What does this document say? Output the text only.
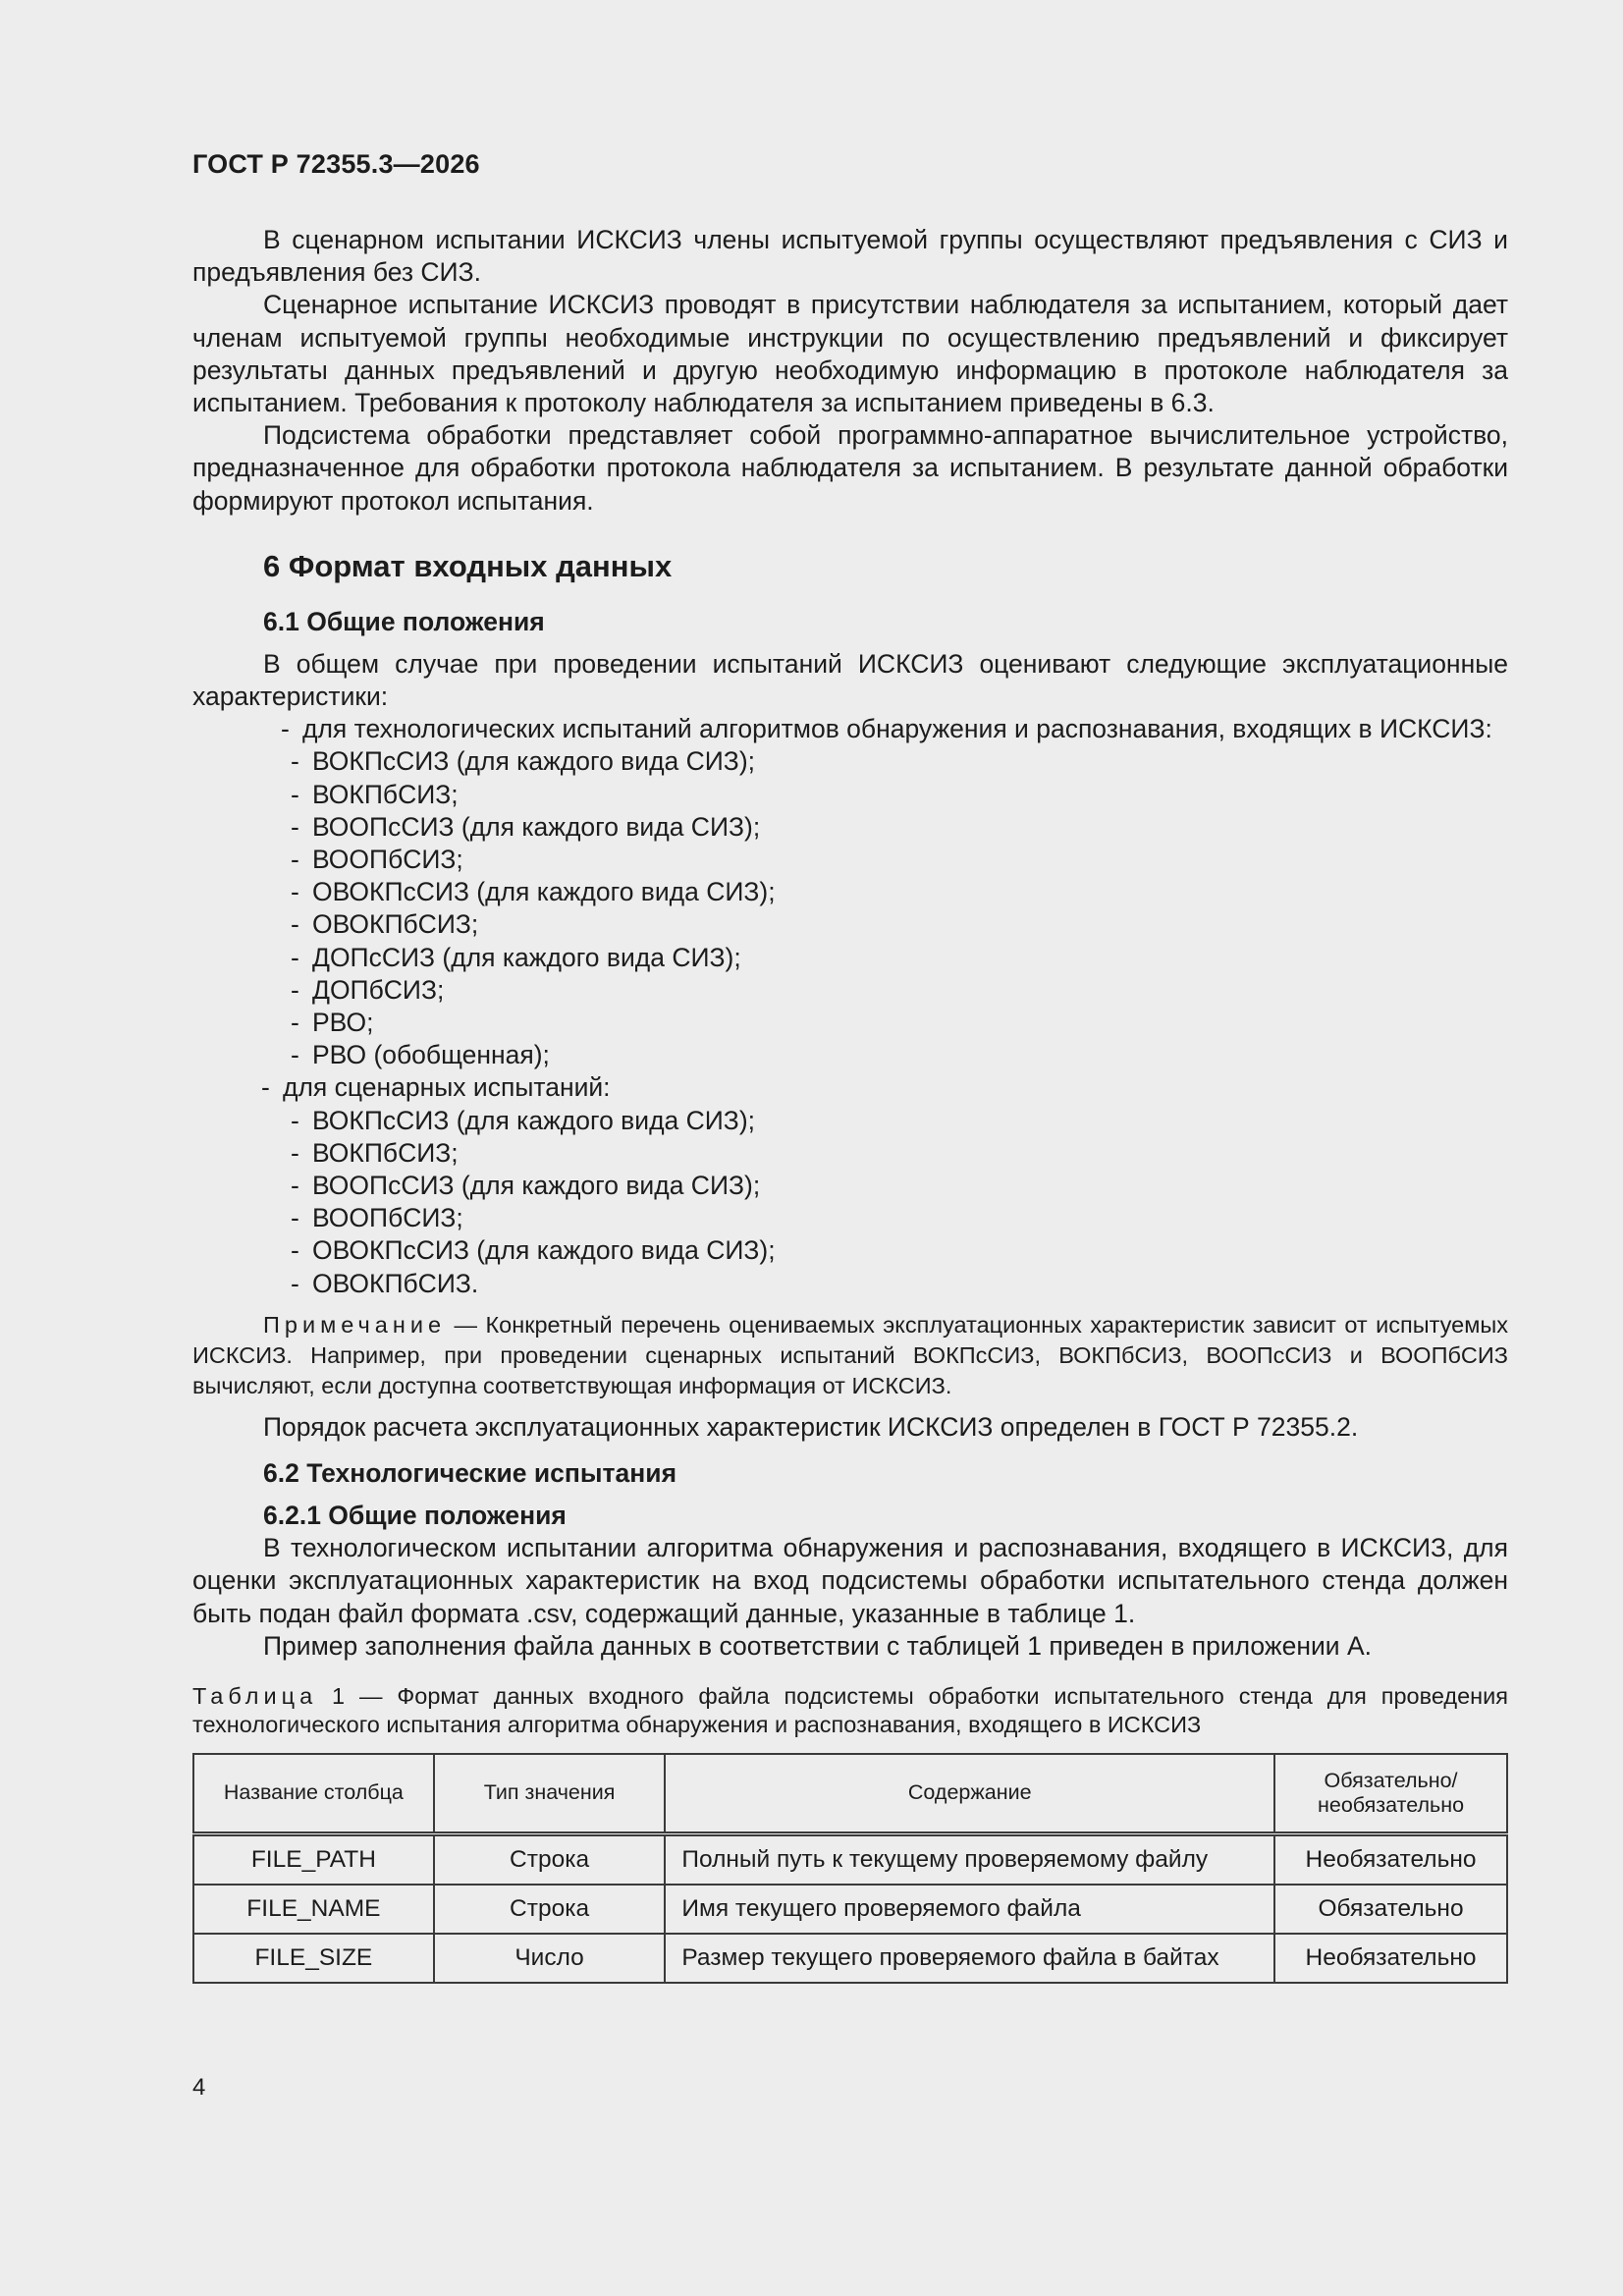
ГОСТ Р 72355.3—2026

В сценарном испытании ИСКСИЗ члены испытуемой группы осуществляют предъявления с СИЗ и предъявления без СИЗ.

Сценарное испытание ИСКСИЗ проводят в присутствии наблюдателя за испытанием, который дает членам испытуемой группы необходимые инструкции по осуществлению предъявлений и фиксирует результаты данных предъявлений и другую необходимую информацию в протоколе наблюдателя за испытанием. Требования к протоколу наблюдателя за испытанием приведены в 6.3.

Подсистема обработки представляет собой программно-аппаратное вычислительное устройство, предназначенное для обработки протокола наблюдателя за испытанием. В результате данной обработки формируют протокол испытания.

6 Формат входных данных
6.1 Общие положения

В общем случае при проведении испытаний ИСКСИЗ оценивают следующие эксплуатационные характеристики:

- для технологических испытаний алгоритмов обнаружения и распознавания, входящих в ИСКСИЗ:
- ВОКПсСИЗ (для каждого вида СИЗ);
- ВОКПбСИЗ;
- ВООПсСИЗ (для каждого вида СИЗ);
- ВООПбСИЗ;
- ОВОКПсСИЗ (для каждого вида СИЗ);
- ОВОКПбСИЗ;
- ДОПсСИЗ (для каждого вида СИЗ);
- ДОПбСИЗ;
- РВО;
- РВО (обобщенная);
- для сценарных испытаний:
- ВОКПсСИЗ (для каждого вида СИЗ);
- ВОКПбСИЗ;
- ВООПсСИЗ (для каждого вида СИЗ);
- ВООПбСИЗ;
- ОВОКПсСИЗ (для каждого вида СИЗ);
- ОВОКПбСИЗ.
Примечание — Конкретный перечень оцениваемых эксплуатационных характеристик зависит от испытуемых ИСКСИЗ. Например, при проведении сценарных испытаний ВОКПсСИЗ, ВОКПбСИЗ, ВООПсСИЗ и ВООПбСИЗ вычисляют, если доступна соответствующая информация от ИСКСИЗ.

Порядок расчета эксплуатационных характеристик ИСКСИЗ определен в ГОСТ Р 72355.2.

6.2 Технологические испытания
6.2.1 Общие положения

В технологическом испытании алгоритма обнаружения и распознавания, входящего в ИСКСИЗ, для оценки эксплуатационных характеристик на вход подсистемы обработки испытательного стенда должен быть подан файл формата .csv, содержащий данные, указанные в таблице 1.

Пример заполнения файла данных в соответствии с таблицей 1 приведен в приложении А.

Таблица 1 — Формат данных входного файла подсистемы обработки испытательного стенда для проведения технологического испытания алгоритма обнаружения и распознавания, входящего в ИСКСИЗ
Название столбца	Тип значения	Содержание	Обязательно/ необязательно
FILE_PATH	Строка	Полный путь к текущему проверяемому файлу	Необязательно
FILE_NAME	Строка	Имя текущего проверяемого файла	Обязательно
FILE_SIZE	Число	Размер текущего проверяемого файла в байтах	Необязательно
4
